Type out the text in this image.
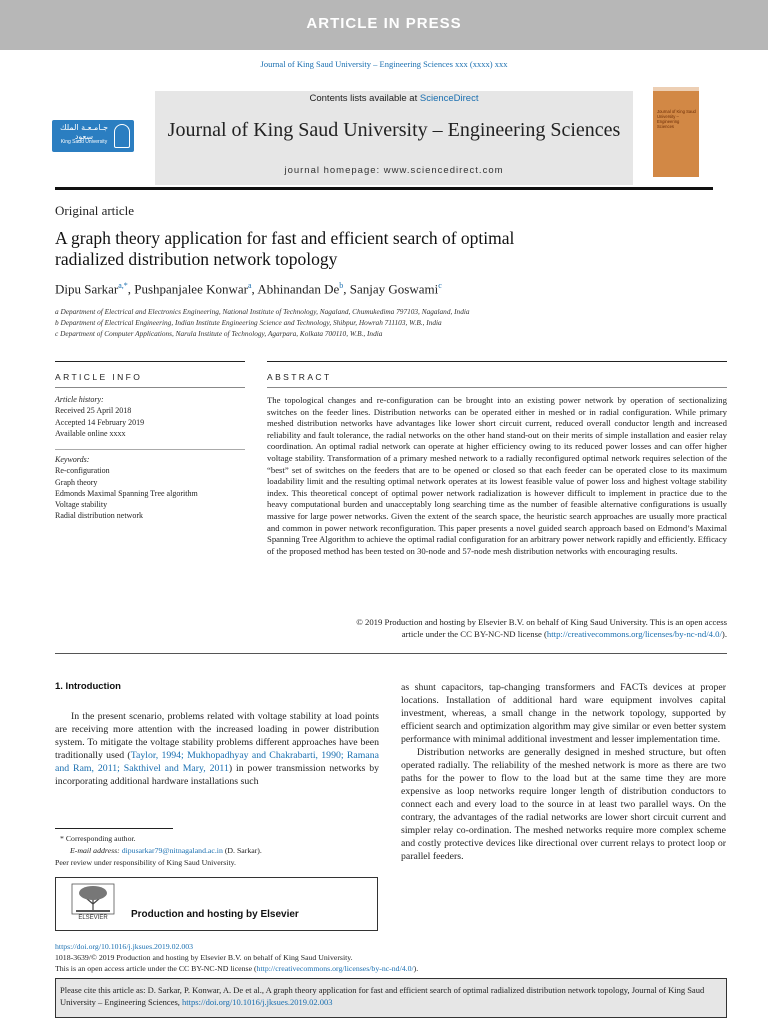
ARTICLE IN PRESS
Journal of King Saud University – Engineering Sciences xxx (xxxx) xxx
Contents lists available at ScienceDirect
Journal of King Saud University – Engineering Sciences
journal homepage: www.sciencedirect.com
جـامـعـة الملك سعود
King Saud University
Journal of King Saud University – Engineering Sciences
Original article
A graph theory application for fast and efficient search of optimal
radialized distribution network topology
Dipu Sarkar$^{a,*}$, Pushpanjalee Konwar$^a$, Abhinandan De$^b$, Sanjay Goswami$^c$
a Department of Electrical and Electronics Engineering, National Institute of Technology, Nagaland, Chumukedima 797103, Nagaland, India
b Department of Electrical Engineering, Indian Institute Engineering Science and Technology, Shibpur, Howrah 711103, W.B., India
c Department of Computer Applications, Narula Institute of Technology, Agarpara, Kolkata 700110, W.B., India
ARTICLE INFO	ABSTRACT
Article history:
Received 25 April 2018
Accepted 14 February 2019
Available online xxxx
Keywords:
Re-configuration
Graph theory
Edmonds Maximal Spanning Tree algorithm
Voltage stability
Radial distribution network
The topological changes and re-configuration can be brought into an existing power network by operation of sectionalizing switches on the feeder lines. Distribution networks can be operated either in meshed or in radial configuration. While primary meshed distribution networks have advantages like lower short circuit current, reduced overall conductor length and increased reliability and fault tolerance, the radial networks on the other hand stand-out on their merits of simple installation and easier relay coordination. An optimal radial network can operate at higher efficiency owing to its reduced power losses and can offer higher voltage stability. Transformation of a primary meshed network to a radially reconfigured optimal network requires selection of the “best” set of switches on the feeders that are to be opened or closed so that each feeder can be operated close to its maximum loadability limit and the resulting optimal network operates at its lowest feasible value of power loss and highest voltage stability index. This theoretical concept of optimal power network radialization is however difficult to implement in practice due to the heavy computational burden and unacceptably long searching time as the number of feasible alternative configurations is usually massive for large power networks. Given the extent of the search space, the heuristic search approaches are usually more practical and common in power network reconfiguration. This paper presents a novel guided search approach based on Edmond’s Maximal Spanning Tree Algorithm to achieve the optimal radial configuration for an arbitrary power network rapidly and efficiently. Efficacy of the proposed method has been tested on 30-node and 57-node mesh distribution networks with encouraging results.
© 2019 Production and hosting by Elsevier B.V. on behalf of King Saud University. This is an open access
article under the CC BY-NC-ND license (http://creativecommons.org/licenses/by-nc-nd/4.0/).
1. Introduction

In the present scenario, problems related with voltage stability at load points are receiving more attention with the increased loading in power distribution system. To mitigate the voltage stability problems different approaches have been traditionally used (Taylor, 1994; Mukhopadhyay and Chakrabarti, 1990; Ramana and Ram, 2011; Sakthivel and Mary, 2011) in power transmission networks by incorporating additional hardware installations such

as shunt capacitors, tap-changing transformers and FACTs devices at proper locations. Installation of additional hard ware equipment involves capital investment, whereas, a small change in the network topology, supported by efficient search and optimization algorithm may give similar or even better system performance with minimal additional investment and lesser implementation time.

Distribution networks are generally designed in meshed structure, but often operated radially. The reliability of the meshed network is more as there are two paths for the power to flow to the load but at the same time they are more expensive as loop networks require longer length of distribution conductors to connect each and every load to the source in at least two parallel ways. On the contrary, the advantages of the radial networks are lower short circuit current and simpler relay co-ordination. The meshed networks require more complex scheme and costly protective devices like directional over current relays to protect loop or parallel feeders.

* Corresponding author.
E-mail address: dipusarkar79@nitnagaland.ac.in (D. Sarkar).
Peer review under responsibility of King Saud University.
ELSEVIER	Production and hosting by Elsevier
https://doi.org/10.1016/j.jksues.2019.02.003
1018-3639/© 2019 Production and hosting by Elsevier B.V. on behalf of King Saud University.
This is an open access article under the CC BY-NC-ND license (http://creativecommons.org/licenses/by-nc-nd/4.0/).
Please cite this article as: D. Sarkar, P. Konwar, A. De et al., A graph theory application for fast and efficient search of optimal radialized distribution network topology, Journal of King Saud University – Engineering Sciences, https://doi.org/10.1016/j.jksues.2019.02.003
